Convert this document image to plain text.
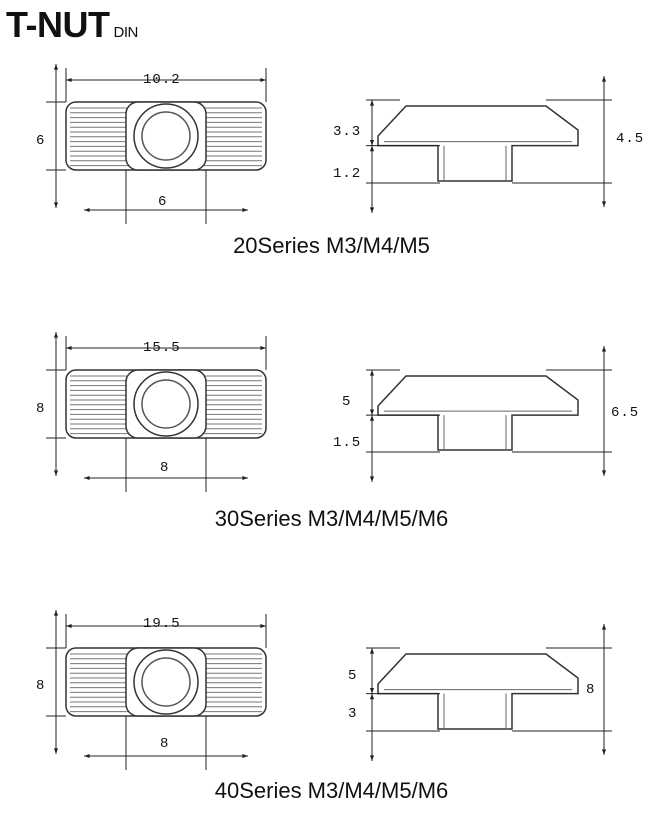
T-NUT DIN
10.2
6
6
3.3
1.2
4.5
20Series M3/M4/M5
15.5
8
8
5
1.5
6.5
30Series M3/M4/M5/M6
19.5
8
8
5
3
8
40Series M3/M4/M5/M6
